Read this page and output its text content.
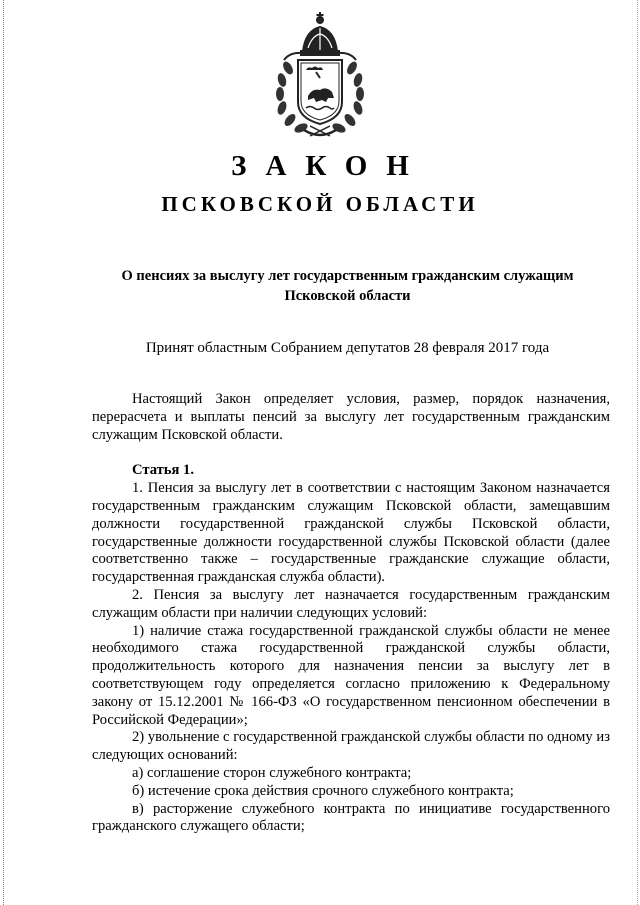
ЗАКОН
ПСКОВСКОЙ ОБЛАСТИ
О пенсиях за выслугу лет государственным гражданским служащим
Псковской области
Принят областным Собранием депутатов 28 февраля 2017 года

Настоящий Закон определяет условия, размер, порядок назначения, перерасчета и выплаты пенсий за выслугу лет государственным гражданским служащим Псковской области.

Статья 1.

1. Пенсия за выслугу лет в соответствии с настоящим Законом назначается государственным гражданским служащим Псковской области, замещавшим должности государственной гражданской службы Псковской области, государственные должности государственной службы Псковской области (далее соответственно также – государственные гражданские служащие области, государственная гражданская служба области).

2. Пенсия за выслугу лет назначается государственным гражданским служащим области при наличии следующих условий:

1) наличие стажа государственной гражданской службы области не менее необходимого стажа государственной гражданской службы области, продолжительность которого для назначения пенсии за выслугу лет в соответствующем году определяется согласно приложению к Федеральному закону от 15.12.2001 № 166-ФЗ «О государственном пенсионном обеспечении в Российской Федерации»;

2) увольнение с государственной гражданской службы области по одному из следующих оснований:

а) соглашение сторон служебного контракта;

б) истечение срока действия срочного служебного контракта;

в) расторжение служебного контракта по инициативе государственного гражданского служащего области;
